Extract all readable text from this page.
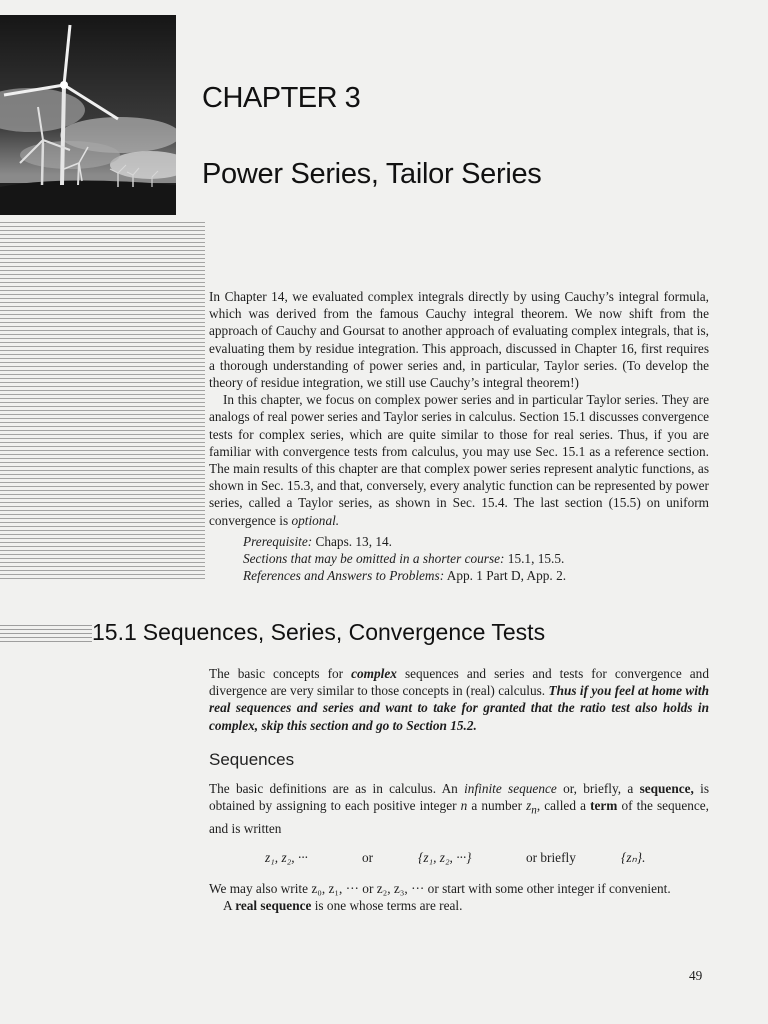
CHAPTER 3
Power Series, Tailor Series

In Chapter 14, we evaluated complex integrals directly by using Cauchy’s integral formula, which was derived from the famous Cauchy integral theorem. We now shift from the approach of Cauchy and Goursat to another approach of evaluating complex integrals, that is, evaluating them by residue integration. This approach, discussed in Chapter 16, first requires a thorough understanding of power series and, in particular, Taylor series. (To develop the theory of residue integration, we still use Cauchy’s integral theorem!)

In this chapter, we focus on complex power series and in particular Taylor series. They are analogs of real power series and Taylor series in calculus. Section 15.1 discusses convergence tests for complex series, which are quite similar to those for real series. Thus, if you are familiar with convergence tests from calculus, you may use Sec. 15.1 as a reference section. The main results of this chapter are that complex power series represent analytic functions, as shown in Sec. 15.3, and that, conversely, every analytic function can be represented by power series, called a Taylor series, as shown in Sec. 15.4. The last section (15.5) on uniform convergence is optional.

Prerequisite: Chaps. 13, 14.
Sections that may be omitted in a shorter course: 15.1, 15.5.
References and Answers to Problems: App. 1 Part D, App. 2.
15.1 Sequences, Series, Convergence Tests

The basic concepts for complex sequences and series and tests for convergence and divergence are very similar to those concepts in (real) calculus. Thus if you feel at home with real sequences and series and want to take for granted that the ratio test also holds in complex, skip this section and go to Section 15.2.

Sequences

The basic definitions are as in calculus. An infinite sequence or, briefly, a sequence, is obtained by assigning to each positive integer n a number $z_n$, called a term of the sequence, and is written

z₁, z₂, ···	or	{z₁, z₂, ···}	or briefly	{zₙ}.

We may also write z₀, z₁, ··· or z₂, z₃, ··· or start with some other integer if convenient.

A real sequence is one whose terms are real.

49
